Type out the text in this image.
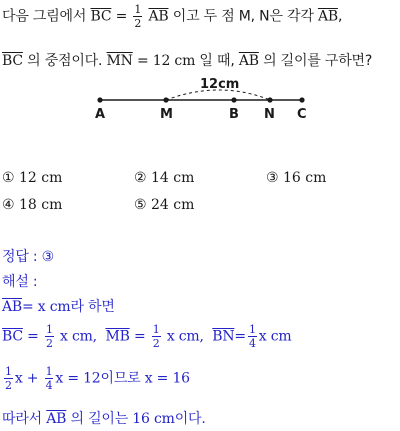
다음 그림에서 $\overline{BC} = \frac{1}{2} \overline{AB}$ 이고 두 점 M, N은 각각 $\overline{AB}$,
$\overline{BC}$ 의 중점이다. $\overline{MN} = 12$ cm 일 때, $\overline{AB}$ 의 길이를 구하면?
12cm
A	M	B N C
① 12 cm	② 14 cm	③ 16 cm
④ 18 cm	⑤ 24 cm
정답 : ③
해설 :
$\overline{AB}= x$ cm라 하면
$\overline{BC} = \frac{1}{2}$ x cm, $\overline{MB} = \frac{1}{2}$ x cm, $\overline{BN}= \frac{1}{4}$ x cm
$\frac{1}{2}$ $x + \frac{1}{4}$ x = 12이므로 x = 16
따라서 $\overline{AB}$ 의 길이는 16 cm이다.
